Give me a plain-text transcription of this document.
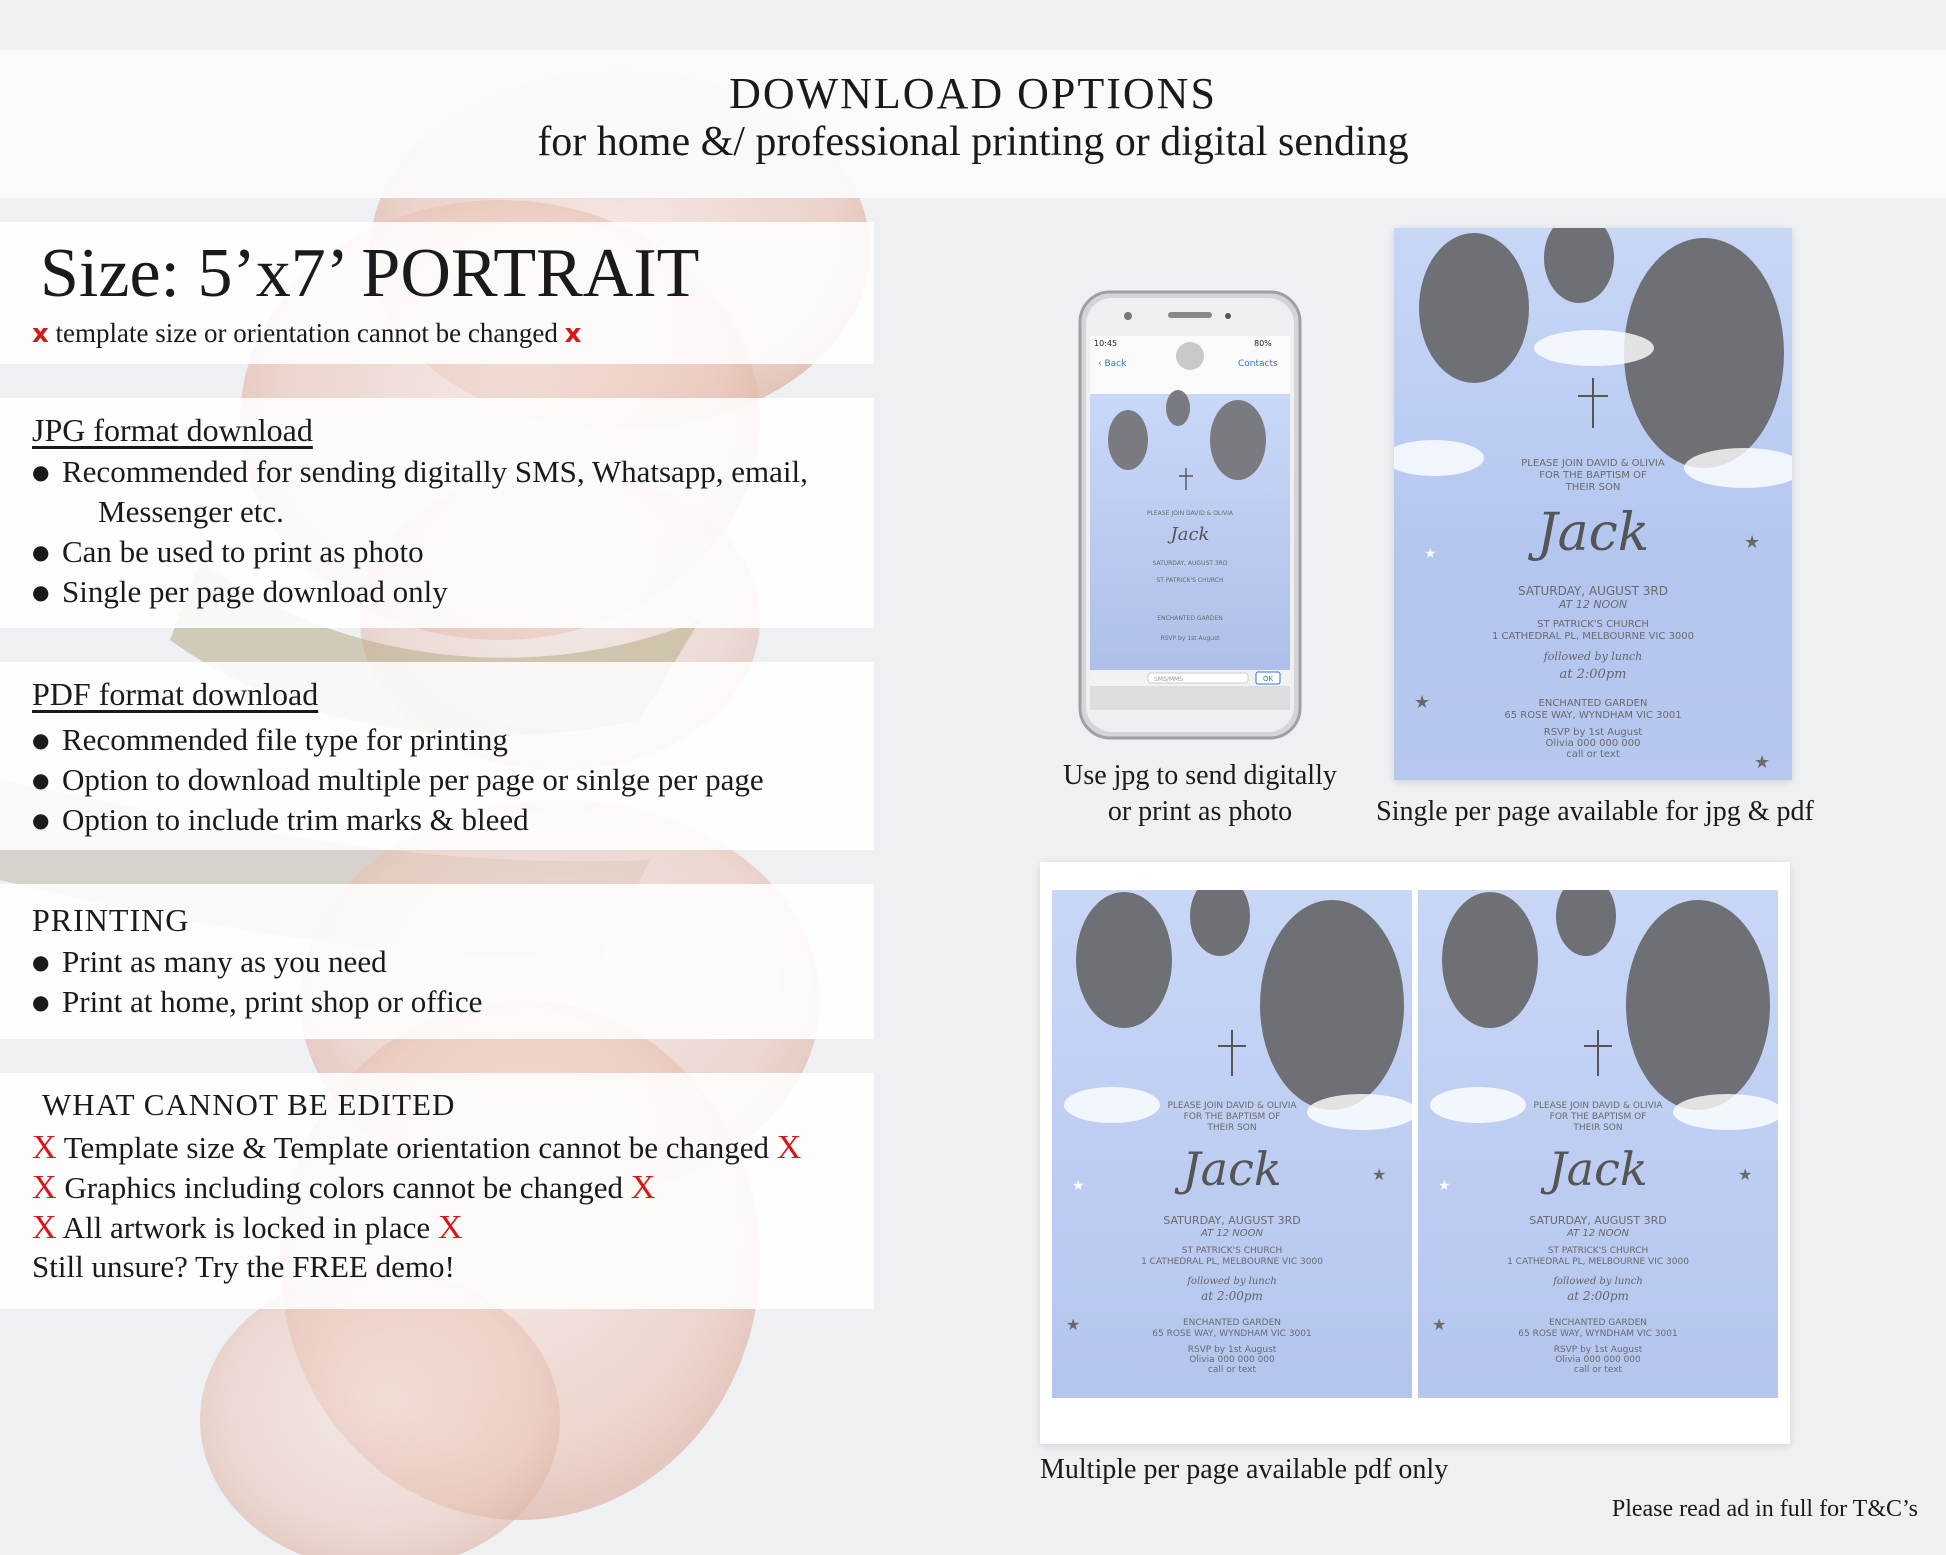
DOWNLOAD OPTIONS
for home &/ professional printing or digital sending
Size: 5’x7’ PORTRAIT
x template size or orientation cannot be changed x
JPG format download
● Recommended for sending digitally SMS, Whatsapp, email,
Messenger etc.
● Can be used to print as photo
● Single per page download only
PDF format download
● Recommended file type for printing
● Option to download multiple per page or sinlge per page
● Option to include trim marks & bleed
PRINTING
● Print as many as you need
● Print at home, print shop or office
WHAT CANNOT BE EDITED
X Template size & Template orientation cannot be changed X
X Graphics including colors cannot be changed X
X All artwork is locked in place X
Still unsure? Try the FREE demo!
10:45	80%
‹ Back	Contacts
PLEASE JOIN DAVID & OLIVIA
Jack
SATURDAY, AUGUST 3RD
ST PATRICK'S CHURCH
ENCHANTED GARDEN
RSVP by 1st August
SMS/MMS	OK
Use jpg to send digitally
or print as photo
PLEASE JOIN DAVID & OLIVIA
FOR THE BAPTISM OF
THEIR SON
Jack
SATURDAY, AUGUST 3RD
AT 12 NOON
ST PATRICK'S CHURCH
1 CATHEDRAL PL, MELBOURNE VIC 3000
followed by lunch
at 2:00pm
ENCHANTED GARDEN
65 ROSE WAY, WYNDHAM VIC 3001
RSVP by 1st August
Olivia 000 000 000
call or text
★
★
★
★
Single per page available for jpg & pdf
PLEASE JOIN DAVID & OLIVIA
FOR THE BAPTISM OF
THEIR SON
Jack
SATURDAY, AUGUST 3RD
AT 12 NOON
ST PATRICK'S CHURCH
1 CATHEDRAL PL, MELBOURNE VIC 3000
followed by lunch
at 2:00pm
ENCHANTED GARDEN
65 ROSE WAY, WYNDHAM VIC 3001
RSVP by 1st August
Olivia 000 000 000
call or text
★
★
★
PLEASE JOIN DAVID & OLIVIA
FOR THE BAPTISM OF
THEIR SON
Jack
SATURDAY, AUGUST 3RD
AT 12 NOON
ST PATRICK'S CHURCH
1 CATHEDRAL PL, MELBOURNE VIC 3000
followed by lunch
at 2:00pm
ENCHANTED GARDEN
65 ROSE WAY, WYNDHAM VIC 3001
RSVP by 1st August
Olivia 000 000 000
call or text
★
★
★
Multiple per page available pdf only
Please read ad in full for T&C’s
